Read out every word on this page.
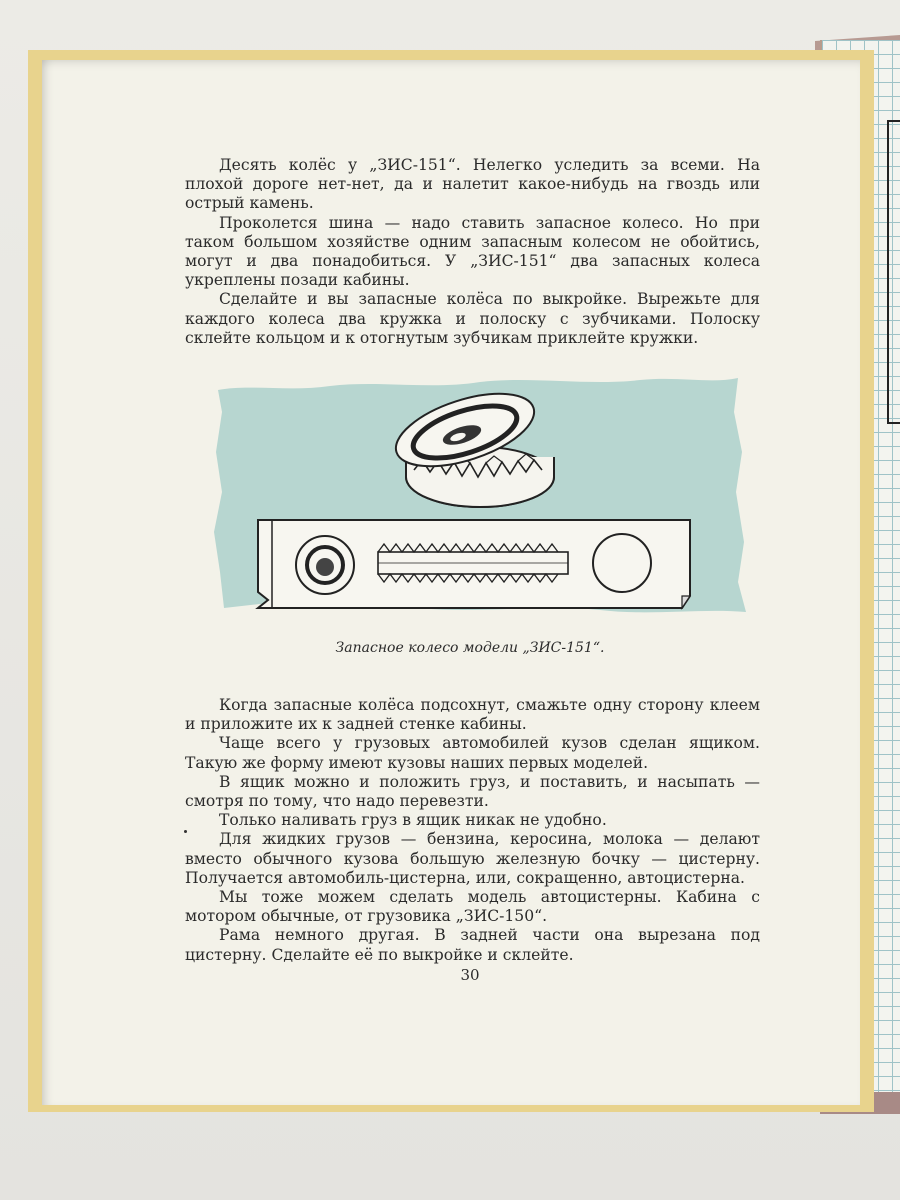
Десять колёс у „ЗИС-151“. Нелегко уследить за всеми. На плохой дороге нет-нет, да и налетит какое-нибудь на гвоздь или острый камень.

Проколется шина — надо ставить запасное колесо. Но при таком большом хозяйстве одним запасным колесом не обойтись, могут и два понадобиться. У „ЗИС-151“ два запасных колеса укреплены позади кабины.

Сделайте и вы запасные колёса по выкройке. Вырежьте для каждого колеса два кружка и полоску с зубчиками. Полоску склейте кольцом и к отогнутым зубчикам приклейте кружки.

Запасное колесо модели „ЗИС-151“.

Когда запасные колёса подсохнут, смажьте одну сторону клеем и приложите их к задней стенке кабины.

Чаще всего у грузовых автомобилей кузов сделан ящиком. Такую же форму имеют кузовы наших первых моделей.

В ящик можно и положить груз, и поставить, и насыпать — смотря по тому, что надо перевезти.

Только наливать груз в ящик никак не удобно.

Для жидких грузов — бензина, керосина, молока — делают вместо обычного кузова большую железную бочку — цистерну. Получается автомобиль-цистерна, или, сокращенно, автоцистерна.

Мы тоже можем сделать модель автоцистерны. Кабина с мотором обычные, от грузовика „ЗИС-150“.

Рама немного другая. В задней части она вырезана под цистерну. Сделайте её по выкройке и склейте.

30
